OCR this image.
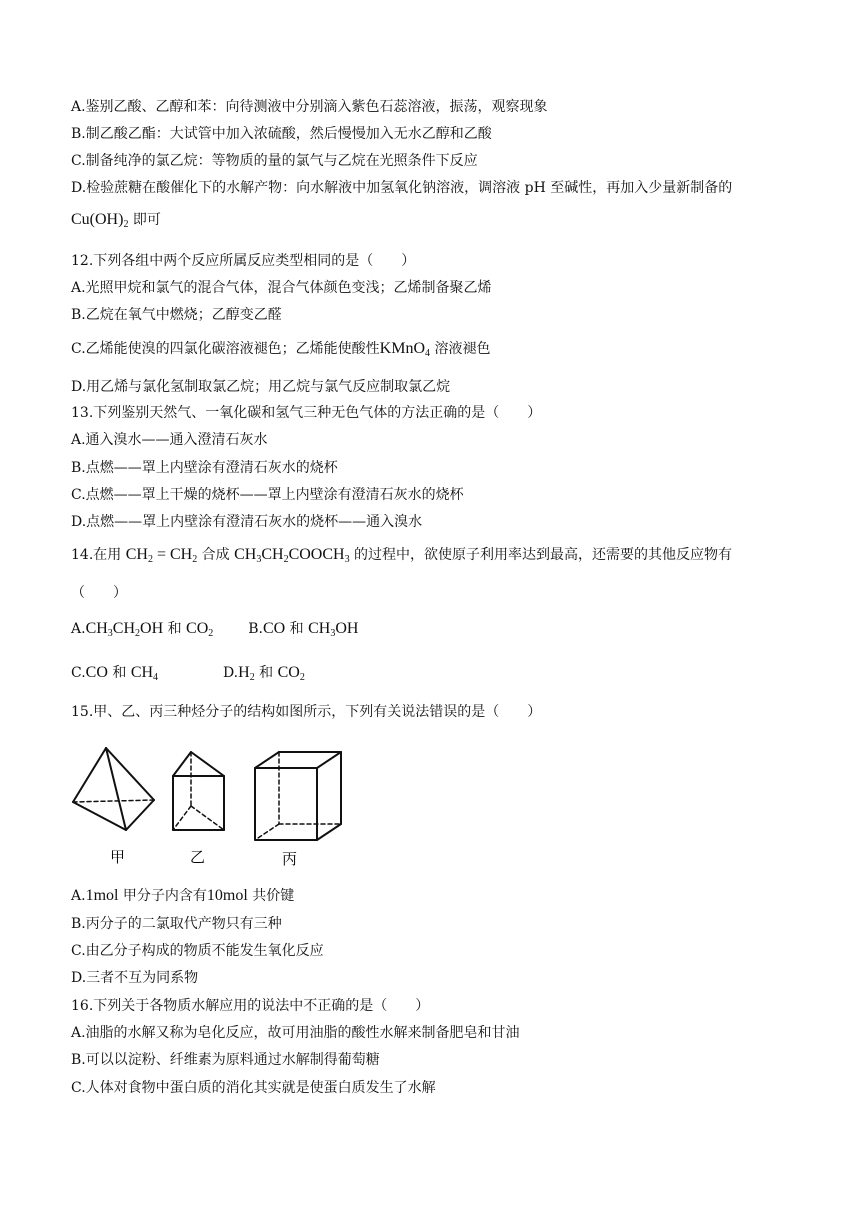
A.鉴别乙酸、乙醇和苯：向待测液中分别滴入紫色石蕊溶液，振荡，观察现象
B.制乙酸乙酯：大试管中加入浓硫酸，然后慢慢加入无水乙醇和乙酸
C.制备纯净的氯乙烷：等物质的量的氯气与乙烷在光照条件下反应
D.检验蔗糖在酸催化下的水解产物：向水解液中加氢氧化钠溶液，调溶液 pH 至碱性，再加入少量新制备的
$Cu(OH)_2$ 即可
12.下列各组中两个反应所属反应类型相同的是（　　）
A.光照甲烷和氯气的混合气体，混合气体颜色变浅；乙烯制备聚乙烯
B.乙烷在氧气中燃烧；乙醇变乙醛
C.乙烯能使溴的四氯化碳溶液褪色；乙烯能使酸性KMnO$_4$ 溶液褪色
D.用乙烯与氯化氢制取氯乙烷；用乙烷与氯气反应制取氯乙烷
13.下列鉴别天然气、一氧化碳和氢气三种无色气体的方法正确的是（　　）
A.通入溴水——通入澄清石灰水
B.点燃——罩上内壁涂有澄清石灰水的烧杯
C.点燃——罩上干燥的烧杯——罩上内壁涂有澄清石灰水的烧杯
D.点燃——罩上内壁涂有澄清石灰水的烧杯——通入溴水
14.在用 $CH_2 = CH_2$ 合成 $CH_3CH_2COOCH_3$ 的过程中，欲使原子利用率达到最高，还需要的其他反应物有
（　　）
$A.CH_3CH_2OH$ 和 $CO_2$ B.CO 和 $CH_3OH$
C.CO 和 $CH_4$	$D.H_2$ 和 $CO_2$
15.甲、乙、丙三种烃分子的结构如图所示，下列有关说法错误的是（　　）
甲	乙	丙
A.1mol 甲分子内含有10mol 共价键
B.丙分子的二氯取代产物只有三种
C.由乙分子构成的物质不能发生氧化反应
D.三者不互为同系物
16.下列关于各物质水解应用的说法中不正确的是（　　）
A.油脂的水解又称为皂化反应，故可用油脂的酸性水解来制备肥皂和甘油
B.可以以淀粉、纤维素为原料通过水解制得葡萄糖
C.人体对食物中蛋白质的消化其实就是使蛋白质发生了水解
